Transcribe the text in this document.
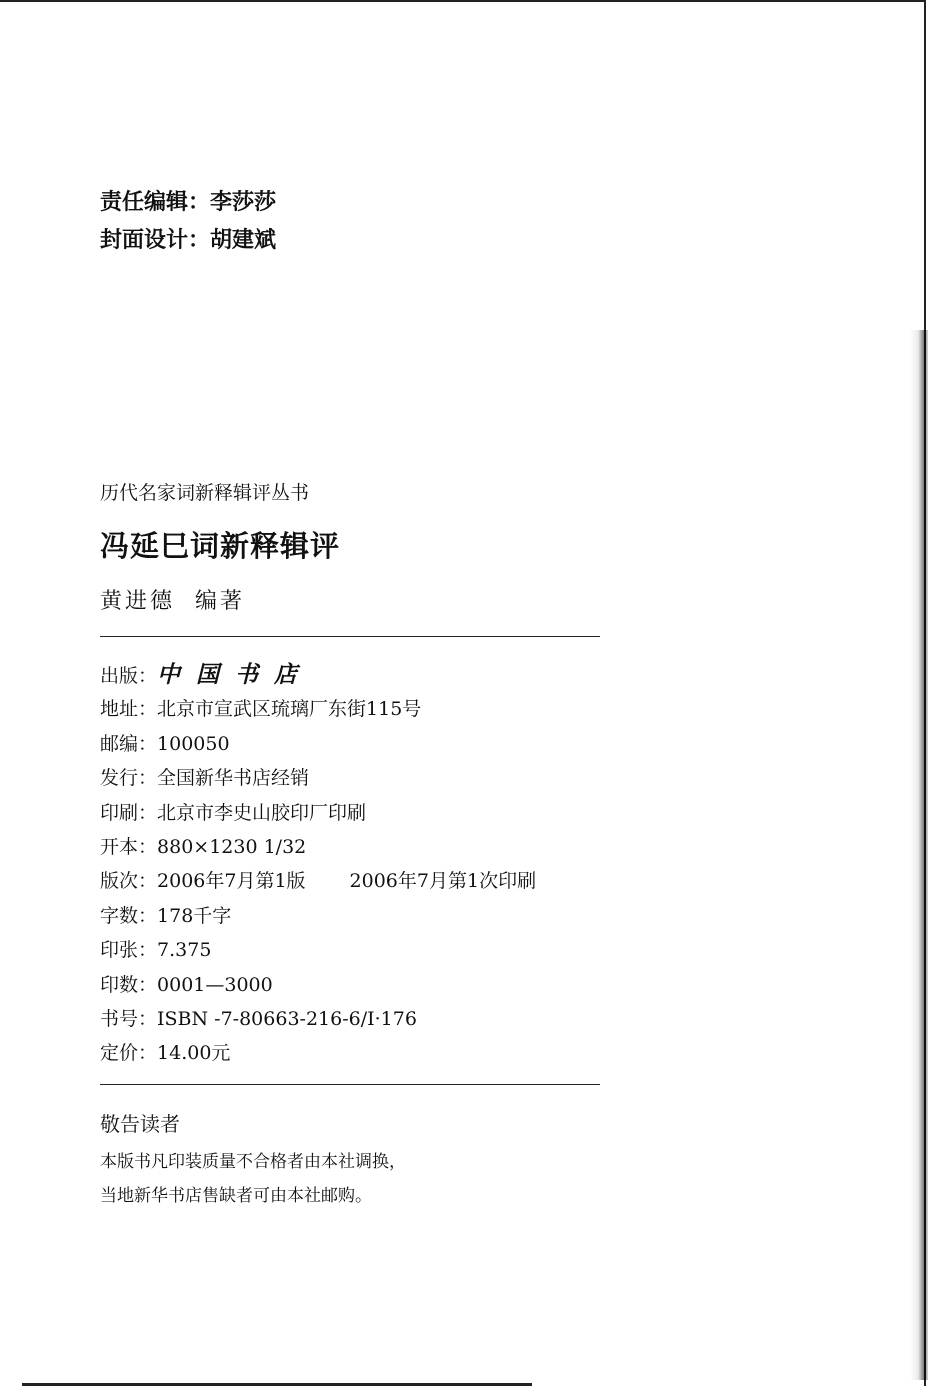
责任编辑：李莎莎
封面设计：胡建斌
历代名家词新释辑评丛书
冯延巳词新释辑评
黄进德 编著
出版：中国书店
地址：北京市宣武区琉璃厂东街115号
邮编：100050
发行：全国新华书店经销
印刷：北京市李史山胶印厂印刷
开本：880×1230 1/32
版次：2006年7月第1版 2006年7月第1次印刷
字数：178千字
印张：7.375
印数：0001—3000
书号：ISBN -7-80663-216-6/I·176
定价：14.00元
敬告读者
本版书凡印装质量不合格者由本社调换，
当地新华书店售缺者可由本社邮购。
